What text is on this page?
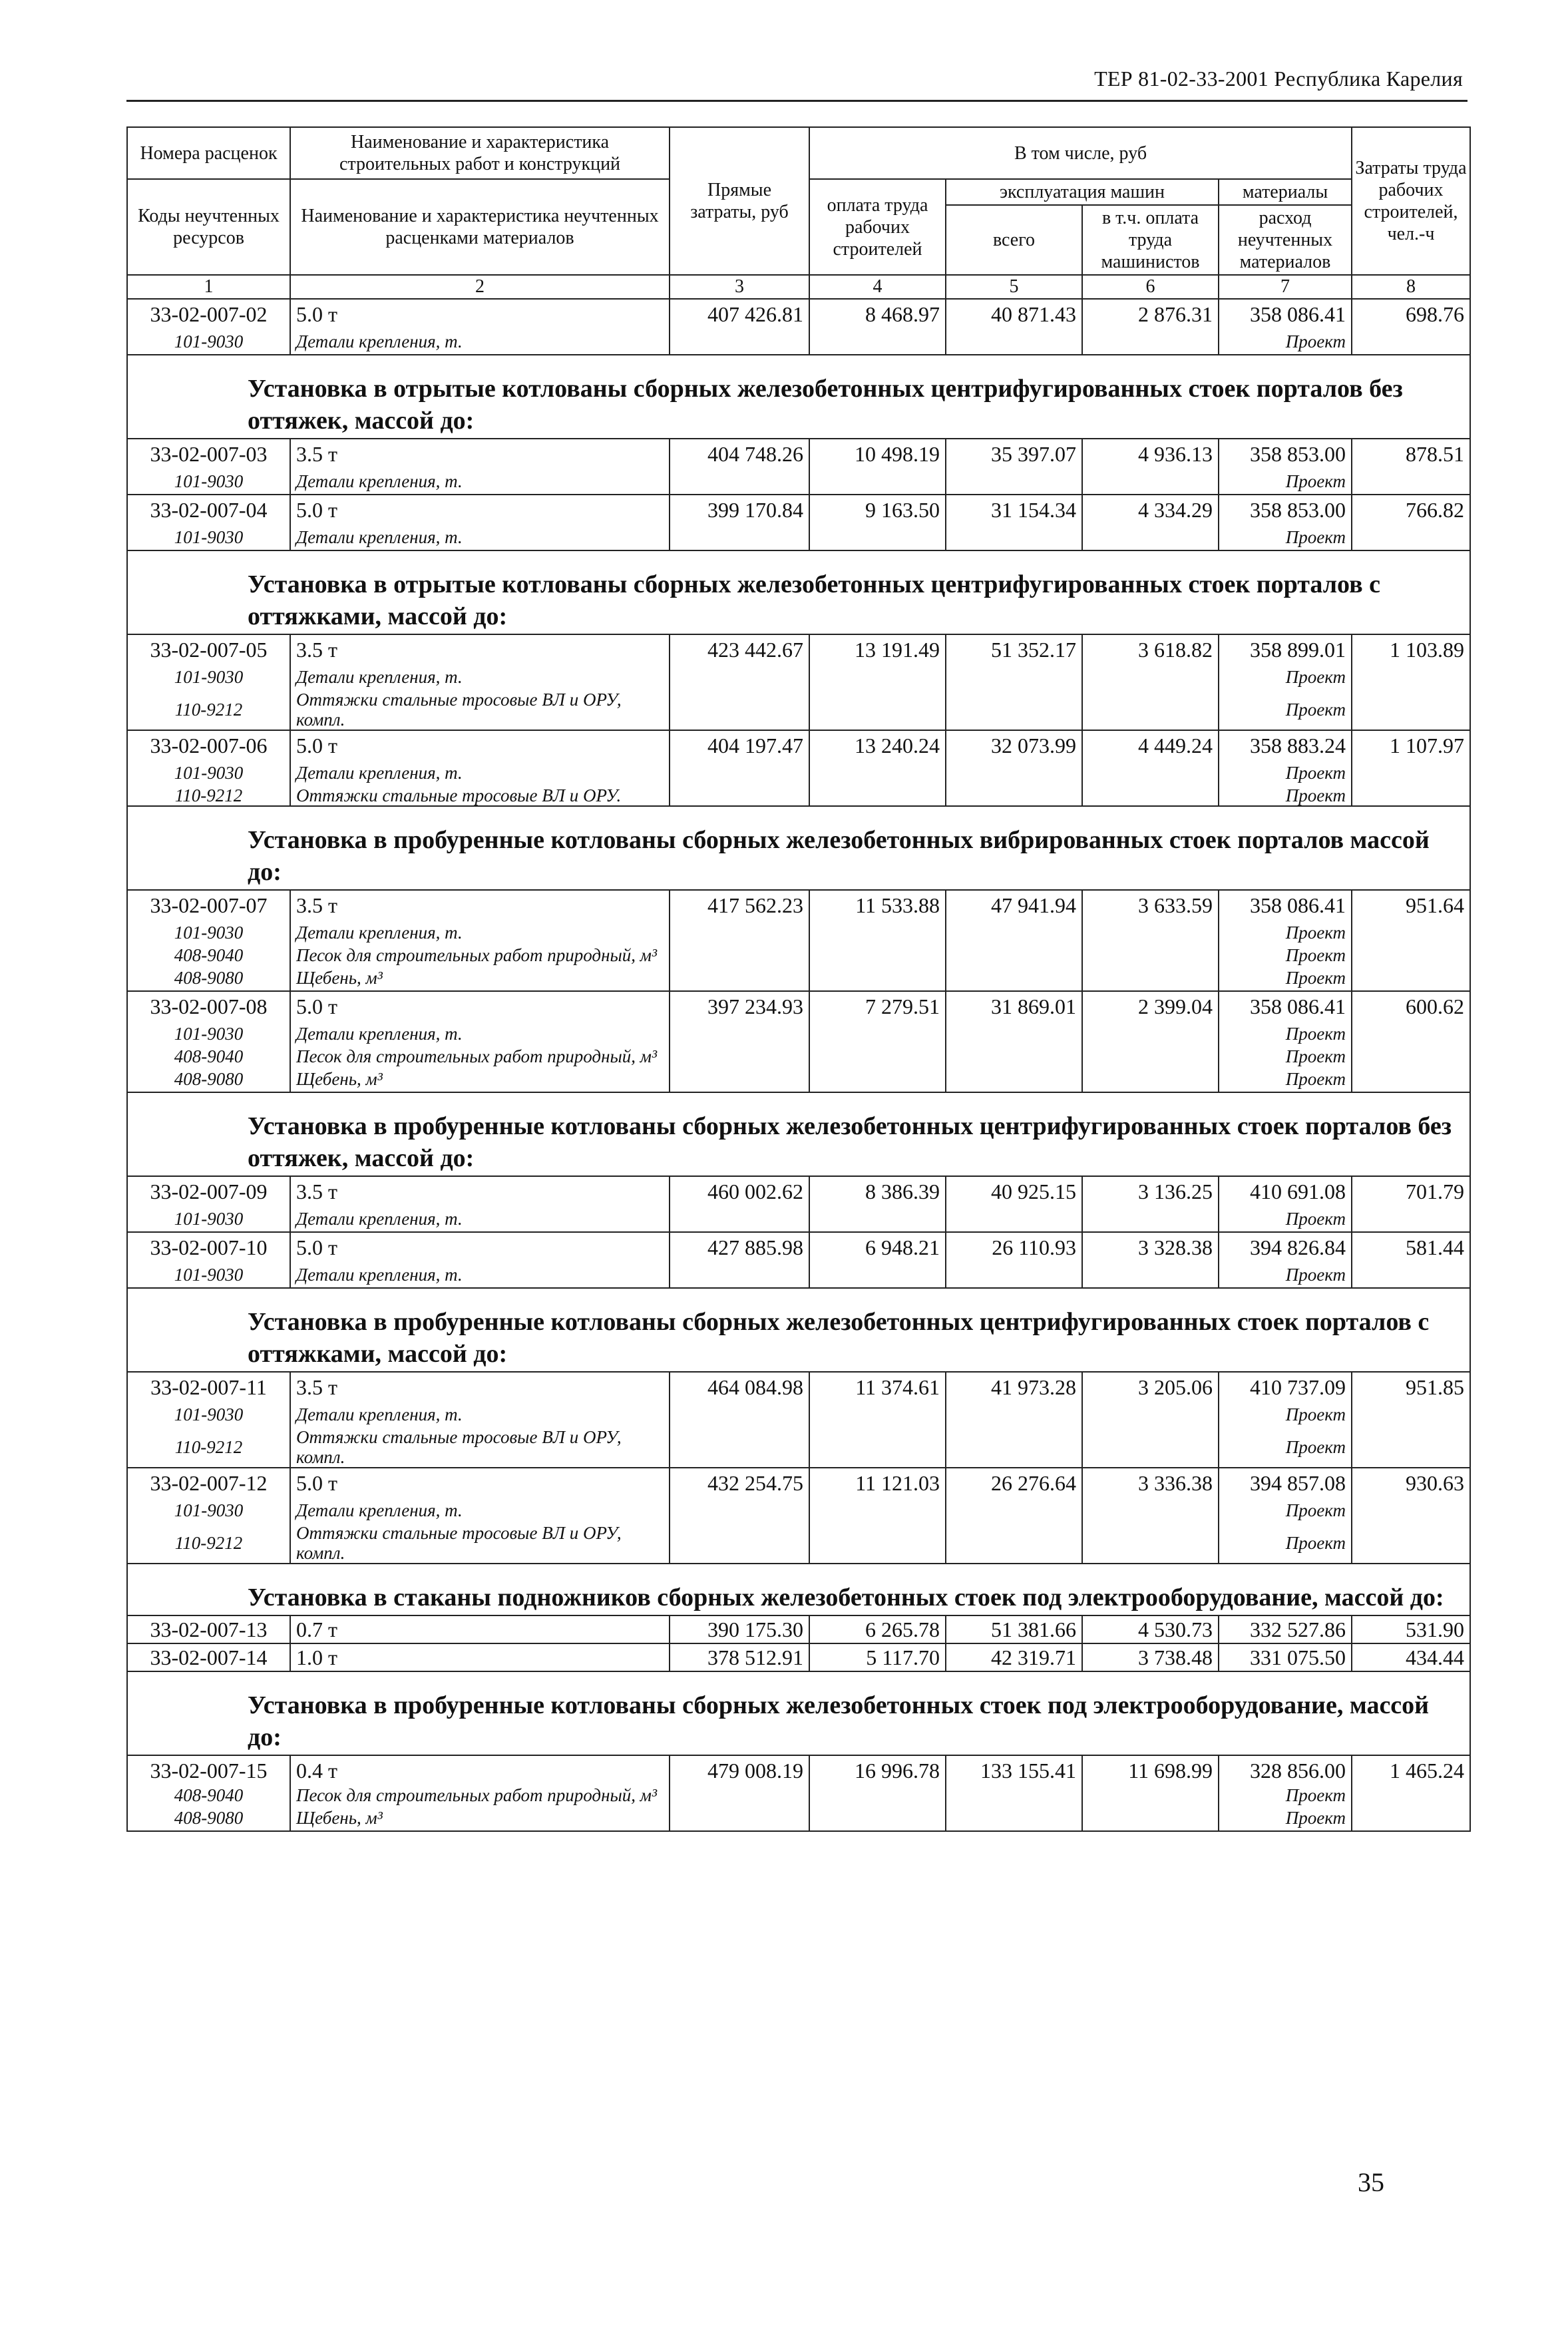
ТЕР 81-02-33-2001 Республика Карелия
Номера расценок	Наименование и характеристика строительных работ и конструкций	Прямые затраты, руб	В том числе, руб				Затраты труда рабочих строителей, чел.-ч
Коды неучтенных ресурсов	Наименование и характеристика неучтенных расценками материалов		оплата труда рабочих строителей	эксплуатация машин		материалы	
				всего	в т.ч. оплата труда машинистов	расход неучтенных материалов	

1	2	3	4	5	6	7	8
33-02-007-02	5.0 т	407 426.81	8 468.97	40 871.43	2 876.31	358 086.41	698.76
101-9030	Детали крепления, т.					Проект	
Установка в отрытые котлованы сборных железобетонных центрифугированных стоек порталов без оттяжек, массой до:							
33-02-007-03	3.5 т	404 748.26	10 498.19	35 397.07	4 936.13	358 853.00	878.51
101-9030	Детали крепления, т.					Проект	
33-02-007-04	5.0 т	399 170.84	9 163.50	31 154.34	4 334.29	358 853.00	766.82
101-9030	Детали крепления, т.					Проект	
Установка в отрытые котлованы сборных железобетонных центрифугированных стоек порталов с оттяжками, массой до:							
33-02-007-05	3.5 т	423 442.67	13 191.49	51 352.17	3 618.82	358 899.01	1 103.89
101-9030	Детали крепления, т.					Проект	
110-9212	Оттяжки стальные тросовые ВЛ и ОРУ, компл.					Проект	
33-02-007-06	5.0 т	404 197.47	13 240.24	32 073.99	4 449.24	358 883.24	1 107.97
101-9030	Детали крепления, т.					Проект	
110-9212	Оттяжки стальные тросовые ВЛ и ОРУ.					Проект	
Установка в пробуренные котлованы сборных железобетонных вибрированных стоек порталов массой до:							
33-02-007-07	3.5 т	417 562.23	11 533.88	47 941.94	3 633.59	358 086.41	951.64
101-9030	Детали крепления, т.					Проект	
408-9040	Песок для строительных работ природный, м³					Проект	
408-9080	Щебень, м³					Проект	
33-02-007-08	5.0 т	397 234.93	7 279.51	31 869.01	2 399.04	358 086.41	600.62
101-9030	Детали крепления, т.					Проект	
408-9040	Песок для строительных работ природный, м³					Проект	
408-9080	Щебень, м³					Проект	
Установка в пробуренные котлованы сборных железобетонных центрифугированных стоек порталов без оттяжек, массой до:							
33-02-007-09	3.5 т	460 002.62	8 386.39	40 925.15	3 136.25	410 691.08	701.79
101-9030	Детали крепления, т.					Проект	
33-02-007-10	5.0 т	427 885.98	6 948.21	26 110.93	3 328.38	394 826.84	581.44
101-9030	Детали крепления, т.					Проект	
Установка в пробуренные котлованы сборных железобетонных центрифугированных стоек порталов с оттяжками, массой до:							
33-02-007-11	3.5 т	464 084.98	11 374.61	41 973.28	3 205.06	410 737.09	951.85
101-9030	Детали крепления, т.					Проект	
110-9212	Оттяжки стальные тросовые ВЛ и ОРУ, компл.					Проект	
33-02-007-12	5.0 т	432 254.75	11 121.03	26 276.64	3 336.38	394 857.08	930.63
101-9030	Детали крепления, т.					Проект	
110-9212	Оттяжки стальные тросовые ВЛ и ОРУ, компл.					Проект	
Установка в стаканы подножников сборных железобетонных стоек под электрооборудование, массой до:							
33-02-007-13	0.7 т	390 175.30	6 265.78	51 381.66	4 530.73	332 527.86	531.90
33-02-007-14	1.0 т	378 512.91	5 117.70	42 319.71	3 738.48	331 075.50	434.44
Установка в пробуренные котлованы сборных железобетонных стоек под электрооборудование, массой до:							
33-02-007-15	0.4 т	479 008.19	16 996.78	133 155.41	11 698.99	328 856.00	1 465.24
408-9040	Песок для строительных работ природный, м³					Проект	
408-9080	Щебень, м³					Проект	
35
